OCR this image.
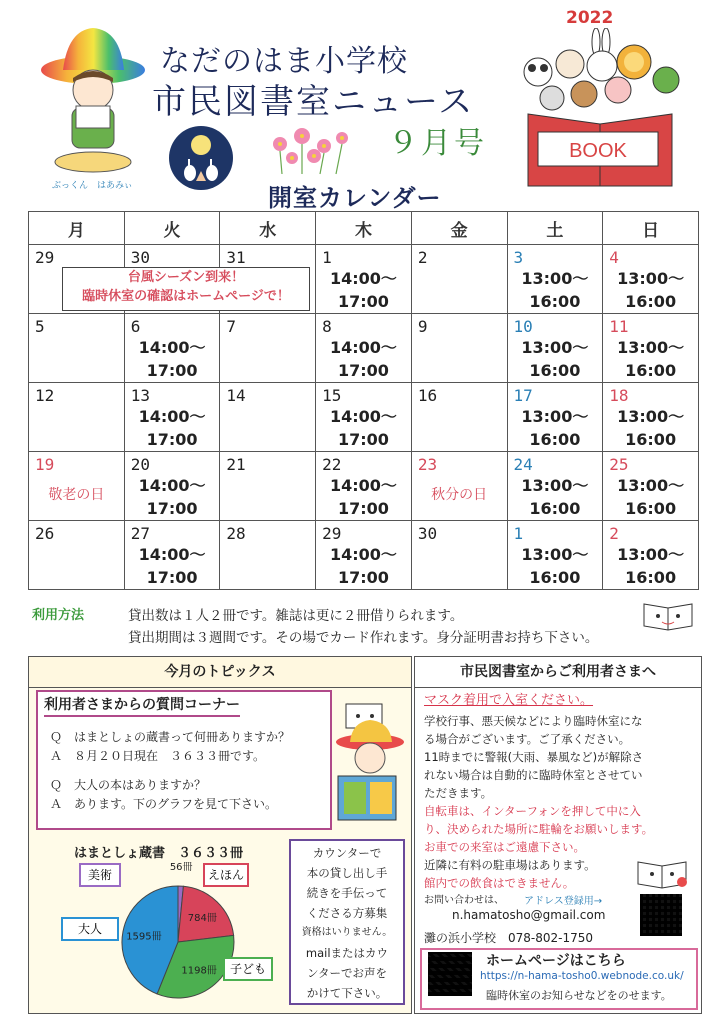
2022
なだのはま小学校
市民図書室ニュース
９月号
開室カレンダー
ぶっくん　はあみぃ
BOOK
月	火	水	木	金	土	日

29	30	31	1
14:00～
17:00	2	3
13:00～
16:00	4
13:00～
16:00

5	6
14:00～
17:00	7	8
14:00～
17:00	9	10
13:00～
16:00	11
13:00～
16:00

12	13
14:00～
17:00	14	15
14:00～
17:00	16	17
13:00～
16:00	18
13:00～
16:00

19
敬老の日	20
14:00～
17:00	21	22
14:00～
17:00	23
秋分の日	24
13:00～
16:00	25
13:00～
16:00

26	27
14:00～
17:00	28	29
14:00～
17:00	30	1
13:00～
16:00	2
13:00～
16:00
台風シーズン到来！
臨時休室の確認はホームページで！
利用方法	貸出数は１人２冊です。雑誌は更に２冊借りられます。
貸出期間は３週間です。その場でカード作れます。身分証明書お持ち下さい。
今月のトピックス
利用者さまからの質問コーナー
Ｑ　はまとしょの蔵書って何冊ありますか？
Ａ　８月２０日現在　３６３３冊です。
Ｑ　大人の本はありますか？
Ａ　あります。下のグラフを見て下さい。
はまとしょ蔵書　３６３３冊
56冊
784冊
1198冊
1595冊
美術	えほん
子ども
大人
カウンターで
本の貸し出し手
続きを手伝って
くださる方募集
資格はいりません。
mailまたはカウ
ンターでお声を
かけて下さい。
市民図書室からご利用者さまへ
マスク着用で入室ください。
学校行事、悪天候などにより臨時休室にな
る場合がございます。ご了承ください。
11時までに警報(大雨、暴風など)が解除さ
れない場合は自動的に臨時休室とさせてい
ただきます。
自転車は、インターフォンを押して中に入
り、決められた場所に駐輪をお願いします。
お車での来室はご遠慮下さい。
近隣に有料の駐車場はあります。
館内での飲食はできません。
お問い合わせは、 アドレス登録用→
n.hamatosho@gmail.com
灘の浜小学校　078-802-1750
ホームページはこちら
https://n-hama-tosho0.webnode.co.uk/
臨時休室のお知らせなどをのせます。
